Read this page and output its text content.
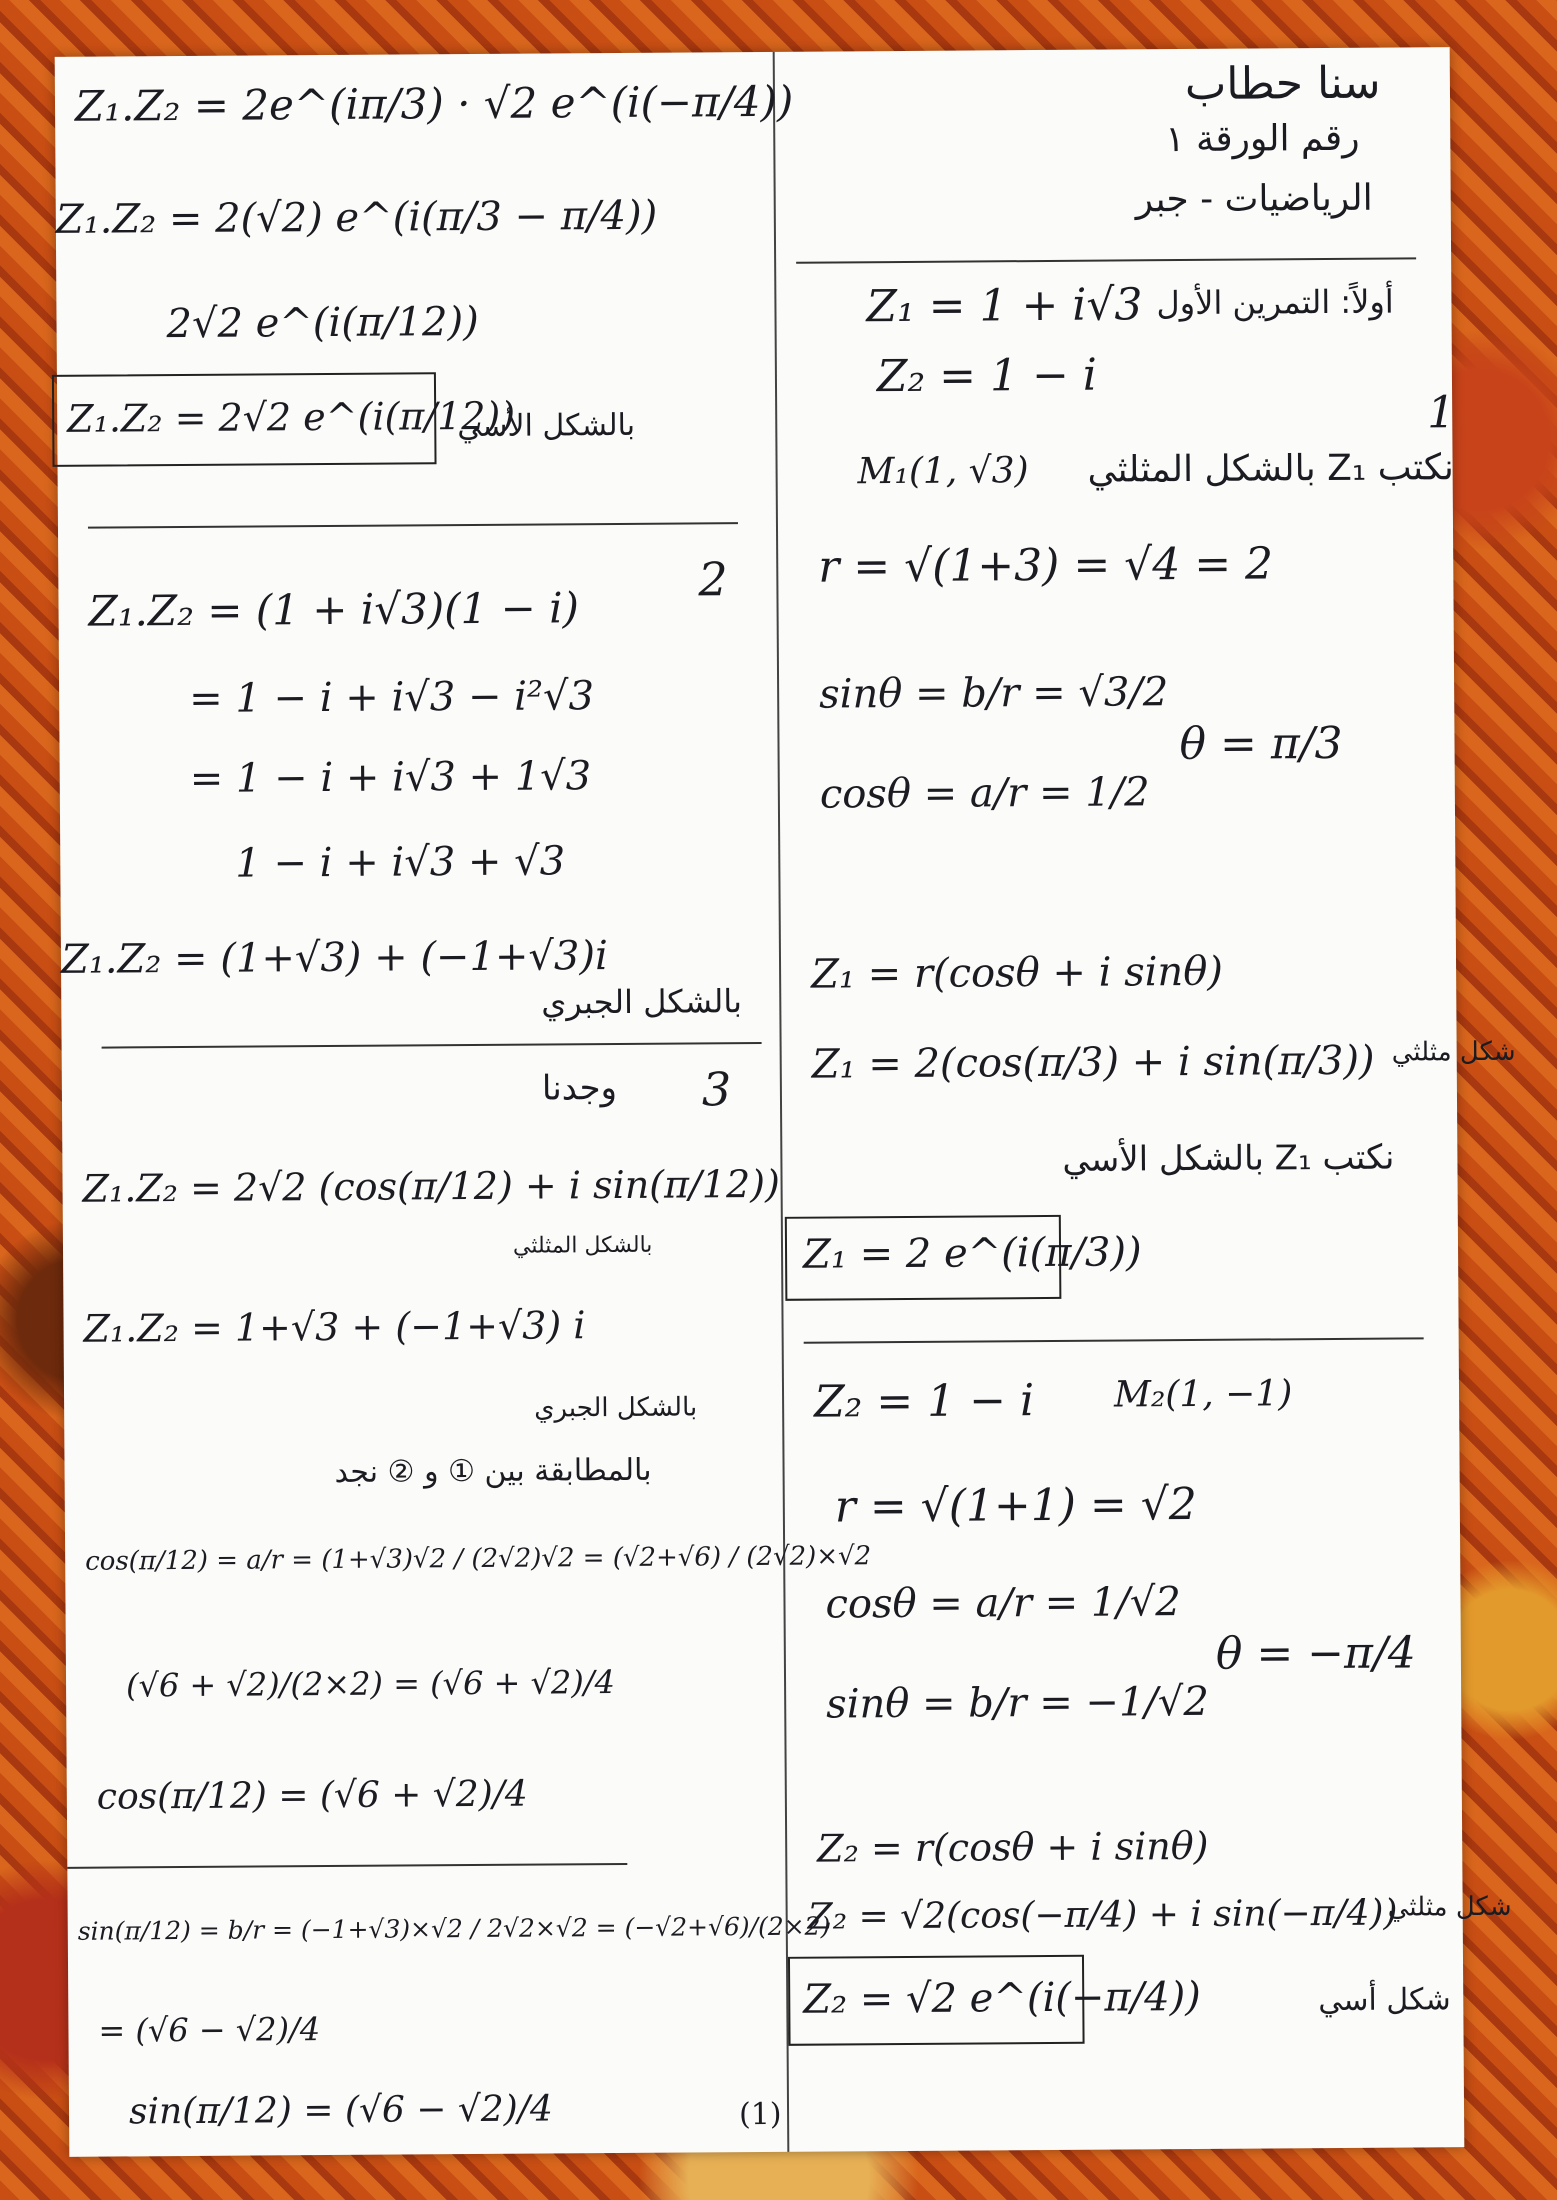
سنا حطاب
رقم الورقة ١
الرياضيات - جبر
Z₁ = 1 + i√3 أولاً: التمرين الأول
Z₂ = 1 − i
1
M₁(1, √3) نكتب Z₁ بالشكل المثلثي
r = √(1+3) = √4 = 2
sinθ = b/r = √3/2
cosθ = a/r = 1/2
θ = π/3
Z₁ = r(cosθ + i sinθ)
Z₁ = 2(cos(π/3) + i sin(π/3)) شكل مثلثي
نكتب Z₁ بالشكل الأسي
Z₁ = 2 e^(i(π/3))
Z₂ = 1 − i M₂(1, −1)
r = √(1+1) = √2
cosθ = a/r = 1/√2
sinθ = b/r = −1/√2
θ = −π/4
Z₂ = r(cosθ + i sinθ)
Z₂ = √2(cos(−π/4) + i sin(−π/4))
شكل مثلثي
Z₂ = √2 e^(i(−π/4))	شكل أسي
Z₁.Z₂ = 2e^(iπ/3) · √2 e^(i(−π/4))
Z₁.Z₂ = 2(√2) e^(i(π/3 − π/4))
2√2 e^(i(π/12))
Z₁.Z₂ = 2√2 e^(i(π/12))
بالشكل الأسي
2
Z₁.Z₂ = (1 + i√3)(1 − i)
= 1 − i + i√3 − i²√3
= 1 − i + i√3 + 1√3
1 − i + i√3 + √3
Z₁.Z₂ = (1+√3) + (−1+√3)i
بالشكل الجبري
3
وجدنا
Z₁.Z₂ = 2√2 (cos(π/12) + i sin(π/12))
بالشكل المثلثي
Z₁.Z₂ = 1+√3 + (−1+√3) i
بالشكل الجبري
بالمطابقة بين ① و ② نجد
cos(π/12) = a/r = (1+√3)√2 / (2√2)√2 = (√2+√6) / (2√2)×√2
(√6 + √2)/(2×2) = (√6 + √2)/4
cos(π/12) = (√6 + √2)/4
sin(π/12) = b/r = (−1+√3)×√2 / 2√2×√2 = (−√2+√6)/(2×2)
= (√6 − √2)/4
sin(π/12) = (√6 − √2)/4	(1)
